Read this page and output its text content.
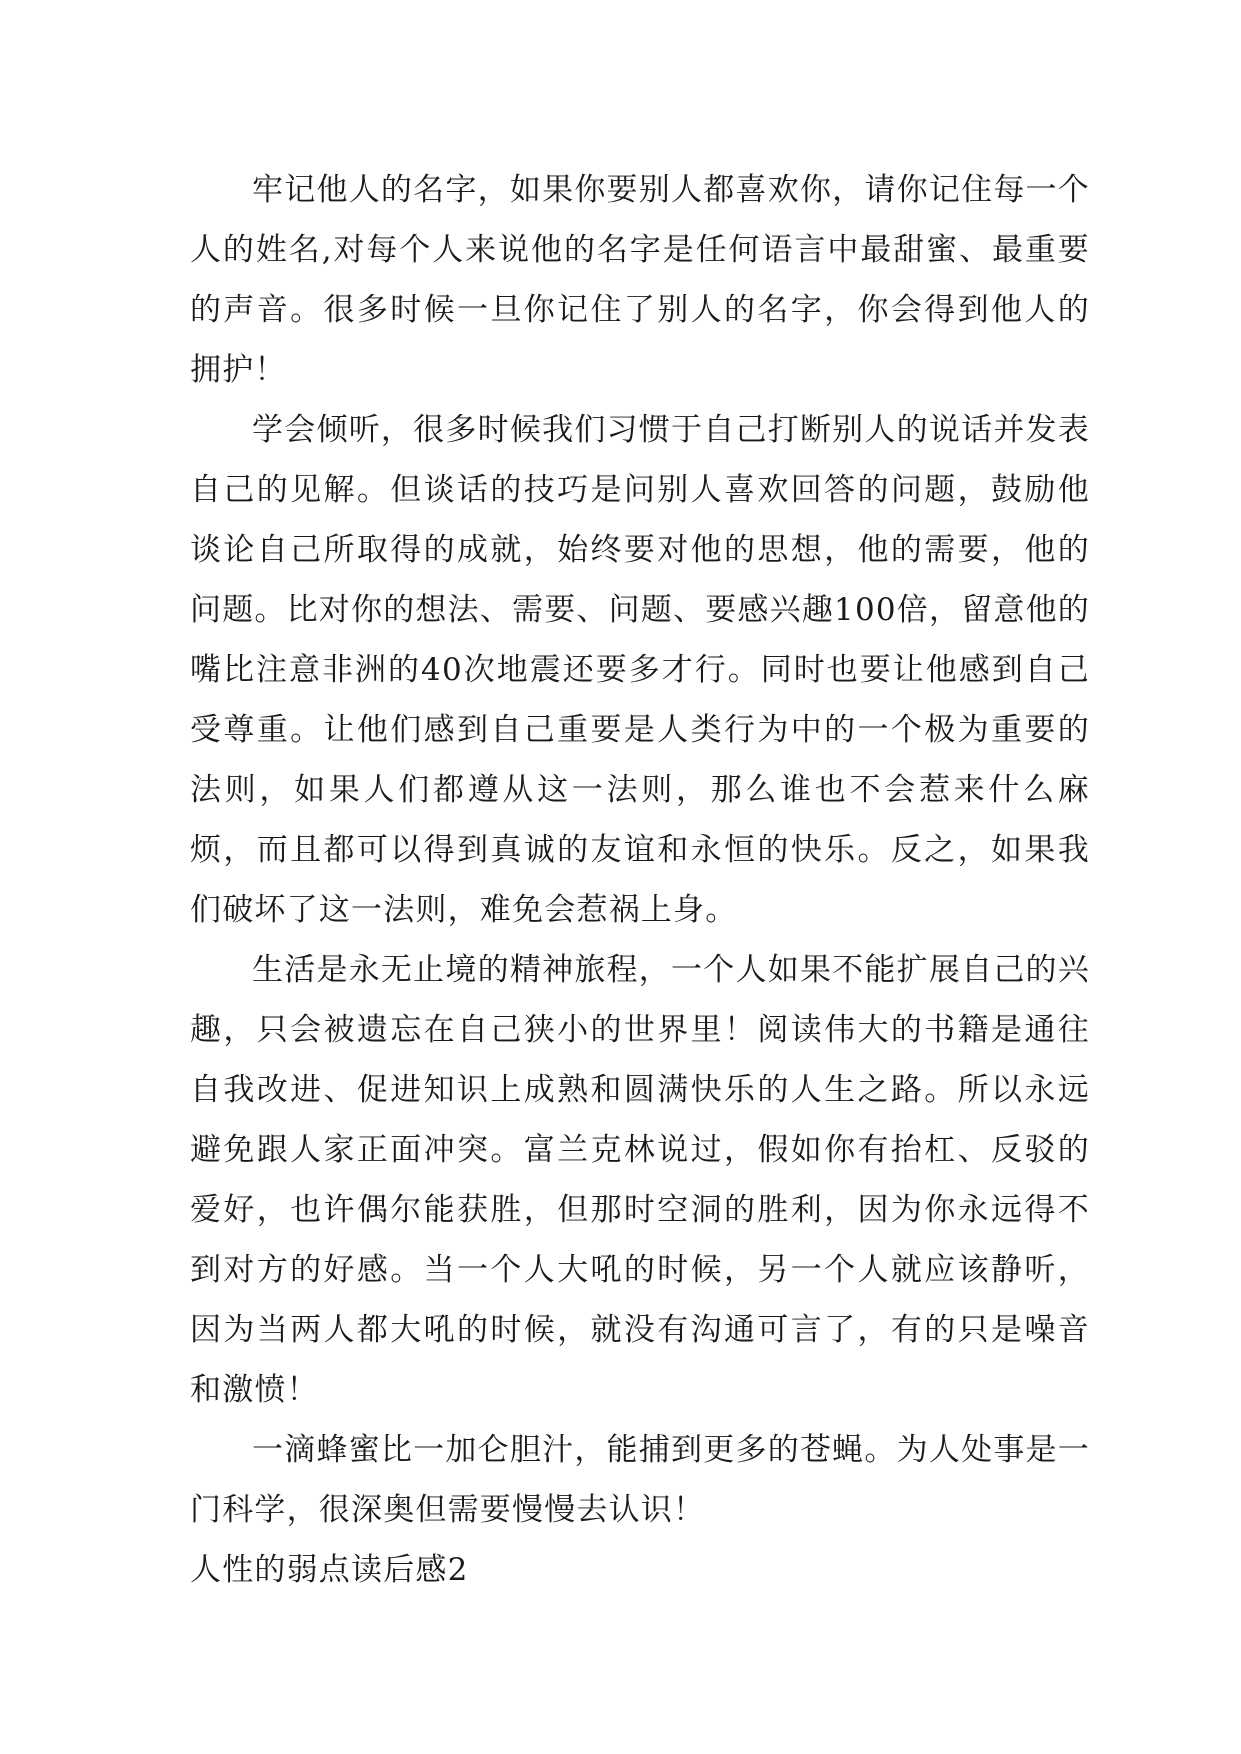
牢记他人的名字，如果你要别人都喜欢你，请你记住每一个人的姓名,对每个人来说他的名字是任何语言中最甜蜜、最重要的声音。很多时候一旦你记住了别人的名字，你会得到他人的拥护！

学会倾听，很多时候我们习惯于自己打断别人的说话并发表自己的见解。但谈话的技巧是问别人喜欢回答的问题，鼓励他谈论自己所取得的成就，始终要对他的思想，他的需要，他的问题。比对你的想法、需要、问题、要感兴趣100倍，留意他的嘴比注意非洲的40次地震还要多才行。同时也要让他感到自己受尊重。让他们感到自己重要是人类行为中的一个极为重要的法则，如果人们都遵从这一法则，那么谁也不会惹来什么麻烦，而且都可以得到真诚的友谊和永恒的快乐。反之，如果我们破坏了这一法则，难免会惹祸上身。

生活是永无止境的精神旅程，一个人如果不能扩展自己的兴趣，只会被遗忘在自己狭小的世界里！阅读伟大的书籍是通往自我改进、促进知识上成熟和圆满快乐的人生之路。所以永远避免跟人家正面冲突。富兰克林说过，假如你有抬杠、反驳的爱好，也许偶尔能获胜，但那时空洞的胜利，因为你永远得不到对方的好感。当一个人大吼的时候，另一个人就应该静听，因为当两人都大吼的时候，就没有沟通可言了，有的只是噪音和激愤！

一滴蜂蜜比一加仑胆汁，能捕到更多的苍蝇。为人处事是一门科学，很深奥但需要慢慢去认识！

人性的弱点读后感2
